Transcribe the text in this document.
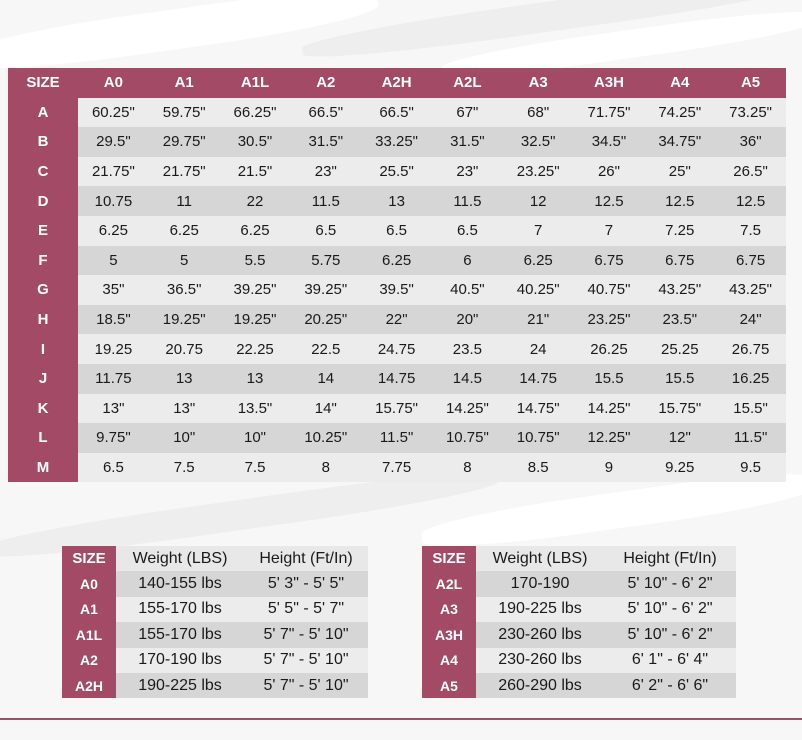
SIZE	A0	A1	A1L	A2	A2H	A2L	A3	A3H	A4	A5
A	60.25"	59.75"	66.25"	66.5"	66.5"	67"	68"	71.75"	74.25"	73.25"
B	29.5"	29.75"	30.5"	31.5"	33.25"	31.5"	32.5"	34.5"	34.75"	36"
C	21.75"	21.75"	21.5"	23"	25.5"	23"	23.25"	26"	25"	26.5"
D	10.75	11	22	11.5	13	11.5	12	12.5	12.5	12.5
E	6.25	6.25	6.25	6.5	6.5	6.5	7	7	7.25	7.5
F	5	5	5.5	5.75	6.25	6	6.25	6.75	6.75	6.75
G	35"	36.5"	39.25"	39.25"	39.5"	40.5"	40.25"	40.75"	43.25"	43.25"
H	18.5"	19.25"	19.25"	20.25"	22"	20"	21"	23.25"	23.5"	24"
I	19.25	20.75	22.25	22.5	24.75	23.5	24	26.25	25.25	26.75
J	11.75	13	13	14	14.75	14.5	14.75	15.5	15.5	16.25
K	13"	13"	13.5"	14"	15.75"	14.25"	14.75"	14.25"	15.75"	15.5"
L	9.75"	10"	10"	10.25"	11.5"	10.75"	10.75"	12.25"	12"	11.5"
M	6.5	7.5	7.5	8	7.75	8	8.5	9	9.25	9.5
SIZE	Weight (LBS)	Height (Ft/In)
A0	140-155 lbs	5' 3" - 5' 5"
A1	155-170 lbs	5' 5" - 5' 7"
A1L	155-170 lbs	5' 7" - 5' 10"
A2	170-190 lbs	5' 7" - 5' 10"
A2H	190-225 lbs	5' 7" - 5' 10"
SIZE	Weight (LBS)	Height (Ft/In)
A2L	170-190	5' 10" - 6' 2"
A3	190-225 lbs	5' 10" - 6' 2"
A3H	230-260 lbs	5' 10" - 6' 2"
A4	230-260 lbs	6' 1" - 6' 4"
A5	260-290 lbs	6' 2" - 6' 6"
